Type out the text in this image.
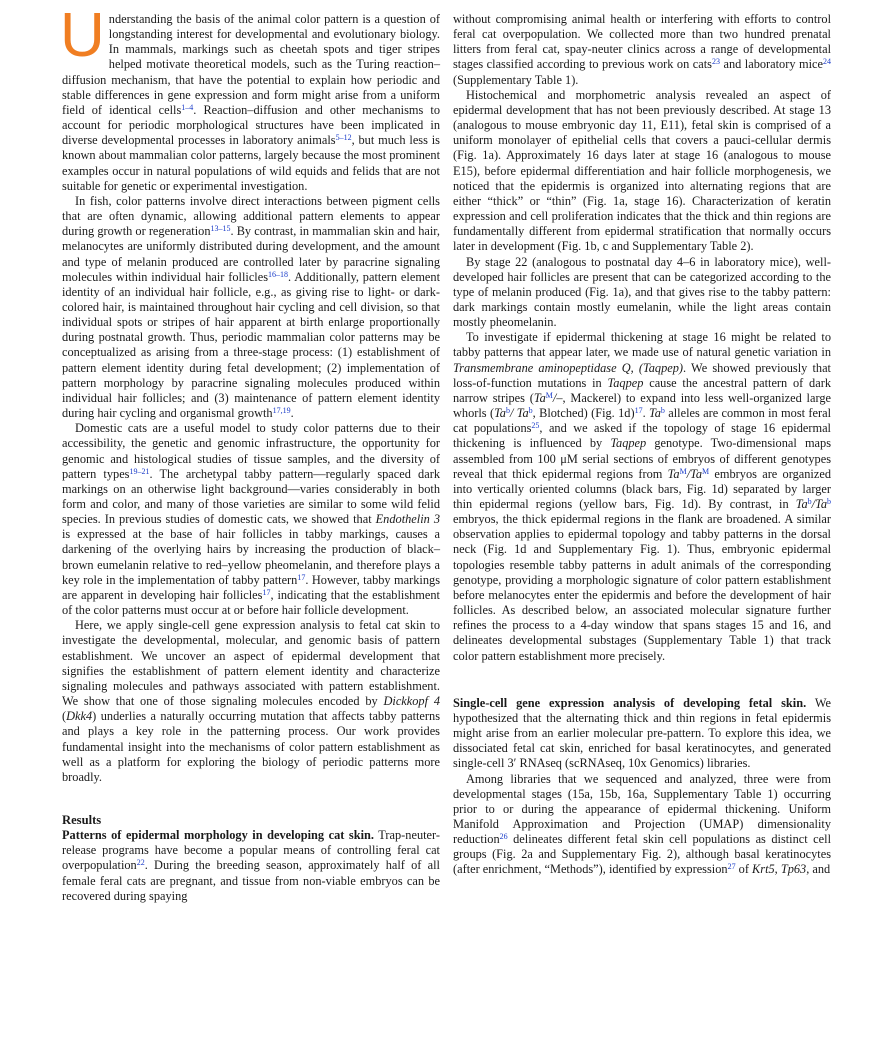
Understanding the basis of the animal color pattern is a question of longstanding interest for developmental and evolutionary biology. In mammals, markings such as cheetah spots and tiger stripes helped motivate theoretical models, such as the Turing reaction–diffusion mechanism, that have the potential to explain how periodic and stable differences in gene expression and form might arise from a uniform field of identical cells$^{1-4}$. Reaction–diffusion and other mechanisms to account for periodic morphological structures have been implicated in diverse developmental processes in laboratory animals$^{5-12}$, but much less is known about mammalian color patterns, largely because the most prominent examples occur in natural populations of wild equids and felids that are not suitable for genetic or experimental investigation.

In fish, color patterns involve direct interactions between pigment cells that are often dynamic, allowing additional pattern elements to appear during growth or regeneration$^{13-15}$. By contrast, in mammalian skin and hair, melanocytes are uniformly distributed during development, and the amount and type of melanin produced are controlled later by paracrine signaling molecules within individual hair follicles$^{16-18}$. Additionally, pattern element identity of an individual hair follicle, e.g., as giving rise to light- or dark-colored hair, is maintained throughout hair cycling and cell division, so that individual spots or stripes of hair apparent at birth enlarge proportionally during postnatal growth. Thus, periodic mammalian color patterns may be conceptualized as arising from a three-stage process: (1) establishment of pattern element identity during fetal development; (2) implementation of pattern morphology by paracrine signaling molecules produced within individual hair follicles; and (3) maintenance of pattern element identity during hair cycling and organismal growth$^{17,19}$.

Domestic cats are a useful model to study color patterns due to their accessibility, the genetic and genomic infrastructure, the opportunity for genomic and histological studies of tissue samples, and the diversity of pattern types$^{19-21}$. The archetypal tabby pattern—regularly spaced dark markings on an otherwise light background—varies considerably in both form and color, and many of those varieties are similar to some wild felid species. In previous studies of domestic cats, we showed that Endothelin 3 is expressed at the base of hair follicles in tabby markings, causes a darkening of the overlying hairs by increasing the production of black–brown eumelanin relative to red–yellow pheomelanin, and therefore plays a key role in the implementation of tabby pattern$^{17}$. However, tabby markings are apparent in developing hair follicles$^{17}$, indicating that the establishment of the color patterns must occur at or before hair follicle development.

Here, we apply single-cell gene expression analysis to fetal cat skin to investigate the developmental, molecular, and genomic basis of pattern establishment. We uncover an aspect of epidermal development that signifies the establishment of pattern element identity and characterize signaling molecules and pathways associated with pattern establishment. We show that one of those signaling molecules encoded by Dickkopf 4 (Dkk4) underlies a naturally occurring mutation that affects tabby patterns and plays a key role in the patterning process. Our work provides fundamental insight into the mechanisms of color pattern establishment as well as a platform for exploring the biology of periodic patterns more broadly.

Results

Patterns of epidermal morphology in developing cat skin. Trap-neuter-release programs have become a popular means of controlling feral cat overpopulation$^{22}$. During the breeding season, approximately half of all female feral cats are pregnant, and tissue from non-viable embryos can be recovered during spaying

without compromising animal health or interfering with efforts to control feral cat overpopulation. We collected more than two hundred prenatal litters from feral cat, spay-neuter clinics across a range of developmental stages classified according to previous work on cats$^{23}$ and laboratory mice$^{24}$ (Supplementary Table 1).

Histochemical and morphometric analysis revealed an aspect of epidermal development that has not been previously described. At stage 13 (analogous to mouse embryonic day 11, E11), fetal skin is comprised of a uniform monolayer of epithelial cells that covers a pauci-cellular dermis (Fig. 1a). Approximately 16 days later at stage 16 (analogous to mouse E15), before epidermal differentiation and hair follicle morphogenesis, we noticed that the epidermis is organized into alternating regions that are either “thick” or “thin” (Fig. 1a, stage 16). Characterization of keratin expression and cell proliferation indicates that the thick and thin regions are fundamentally different from epidermal stratification that normally occurs later in development (Fig. 1b, c and Supplementary Table 2).

By stage 22 (analogous to postnatal day 4–6 in laboratory mice), well-developed hair follicles are present that can be categorized according to the type of melanin produced (Fig. 1a), and that gives rise to the tabby pattern: dark markings contain mostly eumelanin, while the light areas contain mostly pheomelanin.

To investigate if epidermal thickening at stage 16 might be related to tabby patterns that appear later, we made use of natural genetic variation in Transmembrane aminopeptidase Q, (Taqpep). We showed previously that loss-of-function mutations in Taqpep cause the ancestral pattern of dark narrow stripes ($Ta^M/-$, Mackerel) to expand into less well-organized large whorls (Ta$^b$/ Ta$^b$, Blotched) (Fig. 1d)$^{17}$. Ta$^b$ alleles are common in most feral cat populations$^{25}$, and we asked if the topology of stage 16 epidermal thickening is influenced by Taqpep genotype. Two-dimensional maps assembled from 100 μM serial sections of embryos of different genotypes reveal that thick epidermal regions from $Ta^M/Ta^M$ embryos are organized into vertically oriented columns (black bars, Fig. 1d) separated by larger thin epidermal regions (yellow bars, Fig. 1d). By contrast, in Ta$^b$/Ta$^b$ embryos, the thick epidermal regions in the flank are broadened. A similar observation applies to epidermal topology and tabby patterns in the dorsal neck (Fig. 1d and Supplementary Fig. 1). Thus, embryonic epidermal topologies resemble tabby patterns in adult animals of the corresponding genotype, providing a morphologic signature of color pattern establishment before melanocytes enter the epidermis and before the development of hair follicles. As described below, an associated molecular signature further refines the process to a 4-day window that spans stages 15 and 16, and delineates developmental substages (Supplementary Table 1) that track color pattern establishment more precisely.

Single-cell gene expression analysis of developing fetal skin. We hypothesized that the alternating thick and thin regions in fetal epidermis might arise from an earlier molecular pre-pattern. To explore this idea, we dissociated fetal cat skin, enriched for basal keratinocytes, and generated single-cell 3′ RNAseq (scRNAseq, 10x Genomics) libraries.

Among libraries that we sequenced and analyzed, three were from developmental stages (15a, 15b, 16a, Supplementary Table 1) occurring prior to or during the appearance of epidermal thickening. Uniform Manifold Approximation and Projection (UMAP) dimensionality reduction$^{26}$ delineates different fetal skin cell populations as distinct cell groups (Fig. 2a and Supplementary Fig. 2), although basal keratinocytes (after enrichment, “Methods”), identified by expression$^{27}$ of Krt5, Tp63, and
